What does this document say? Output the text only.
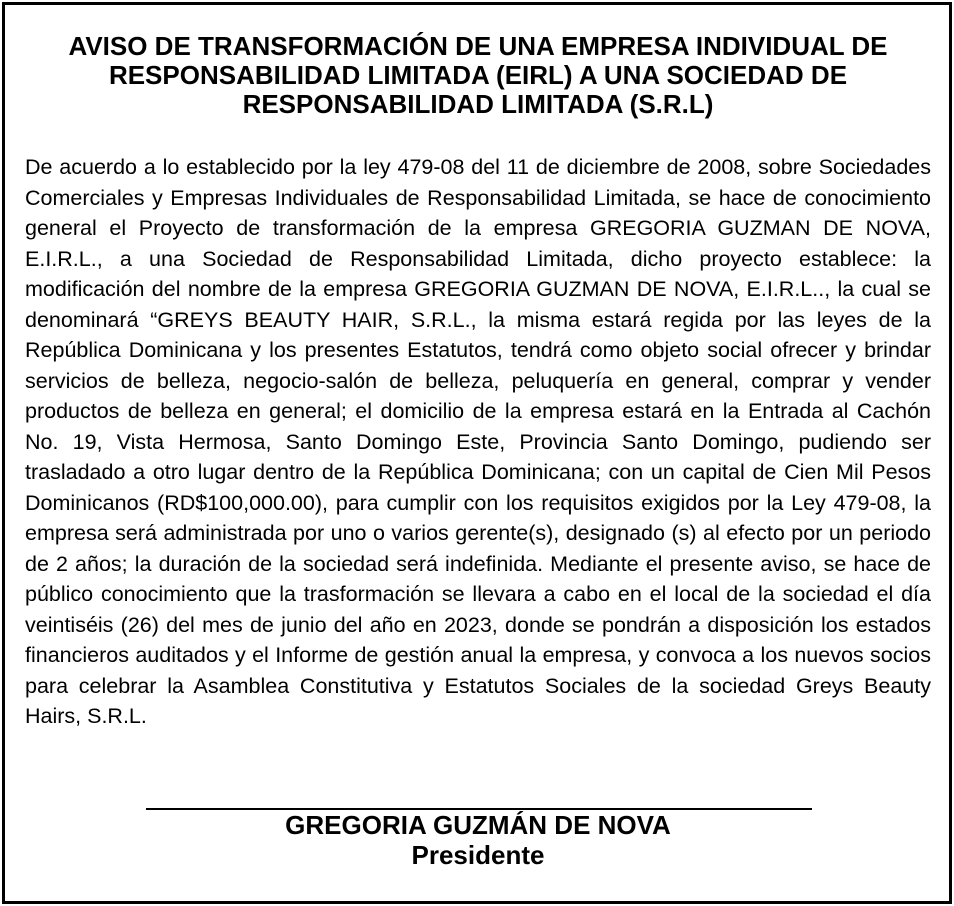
AVISO DE TRANSFORMACIÓN DE UNA EMPRESA INDIVIDUAL DE RESPONSABILIDAD LIMITADA (EIRL) A UNA SOCIEDAD DE RESPONSABILIDAD LIMITADA (S.R.L)

De acuerdo a lo establecido por la ley 479-08 del 11 de diciembre de 2008, sobre Sociedades Comerciales y Empresas Individuales de Responsabilidad Limitada, se hace de conocimiento general el Proyecto de transformación de la empresa GREGORIA GUZMAN DE NOVA, E.I.R.L., a una Sociedad de Responsabilidad Limitada, dicho proyecto establece: la modificación del nombre de la empresa GREGORIA GUZMAN DE NOVA, E.I.R.L.., la cual se denominará “GREYS BEAUTY HAIR, S.R.L., la misma estará regida por las leyes de la República Dominicana y los presentes Estatutos, tendrá como objeto social ofrecer y brindar servicios de belleza, negocio-salón de belleza, peluquería en general, comprar y vender productos de belleza en general; el domicilio de la empresa estará en la Entrada al Cachón No. 19, Vista Hermosa, Santo Domingo Este, Provincia Santo Domingo, pudiendo ser trasladado a otro lugar dentro de la República Dominicana; con un capital de Cien Mil Pesos Dominicanos (RD$100,000.00), para cumplir con los requisitos exigidos por la Ley 479-08, la empresa será administrada por uno o varios gerente(s), designado (s) al efecto por un periodo de 2 años; la duración de la sociedad será indefinida. Mediante el presente aviso, se hace de público conocimiento que la trasformación se llevara a cabo en el local de la sociedad el día veintiséis (26) del mes de junio del año en 2023, donde se pondrán a disposición los estados financieros auditados y el Informe de gestión anual la empresa, y convoca a los nuevos socios para celebrar la Asamblea Constitutiva y Estatutos Sociales de la sociedad Greys Beauty Hairs, S.R.L.

GREGORIA GUZMÁN DE NOVA

Presidente
